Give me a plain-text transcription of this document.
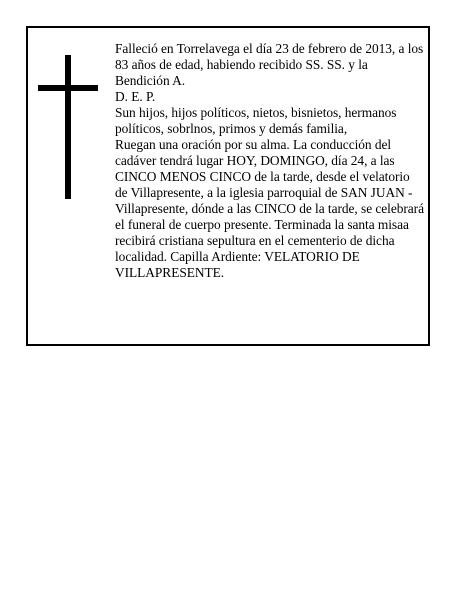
Falleció en Torrelavega el día 23 de febrero de 2013, a los 83 años de edad, habiendo recibido SS. SS. y la Bendición A.

D. E. P.

Sun hijos, hijos políticos, nietos, bisnietos, hermanos políticos, sobrlnos, primos y demás familia,

Ruegan una oración por su alma. La conducción del cadáver tendrá lugar HOY, DOMINGO, día 24, a las CINCO MENOS CINCO de la tarde, desde el velatorio de Villapresente, a la iglesia parroquial de SAN JUAN - Villapresente, dónde a las CINCO de la tarde, se celebrará el funeral de cuerpo presente. Terminada la santa misaa recibirá cristiana sepultura en el cementerio de dicha localidad. Capilla Ardiente: VELATORIO DE VILLAPRESENTE.
